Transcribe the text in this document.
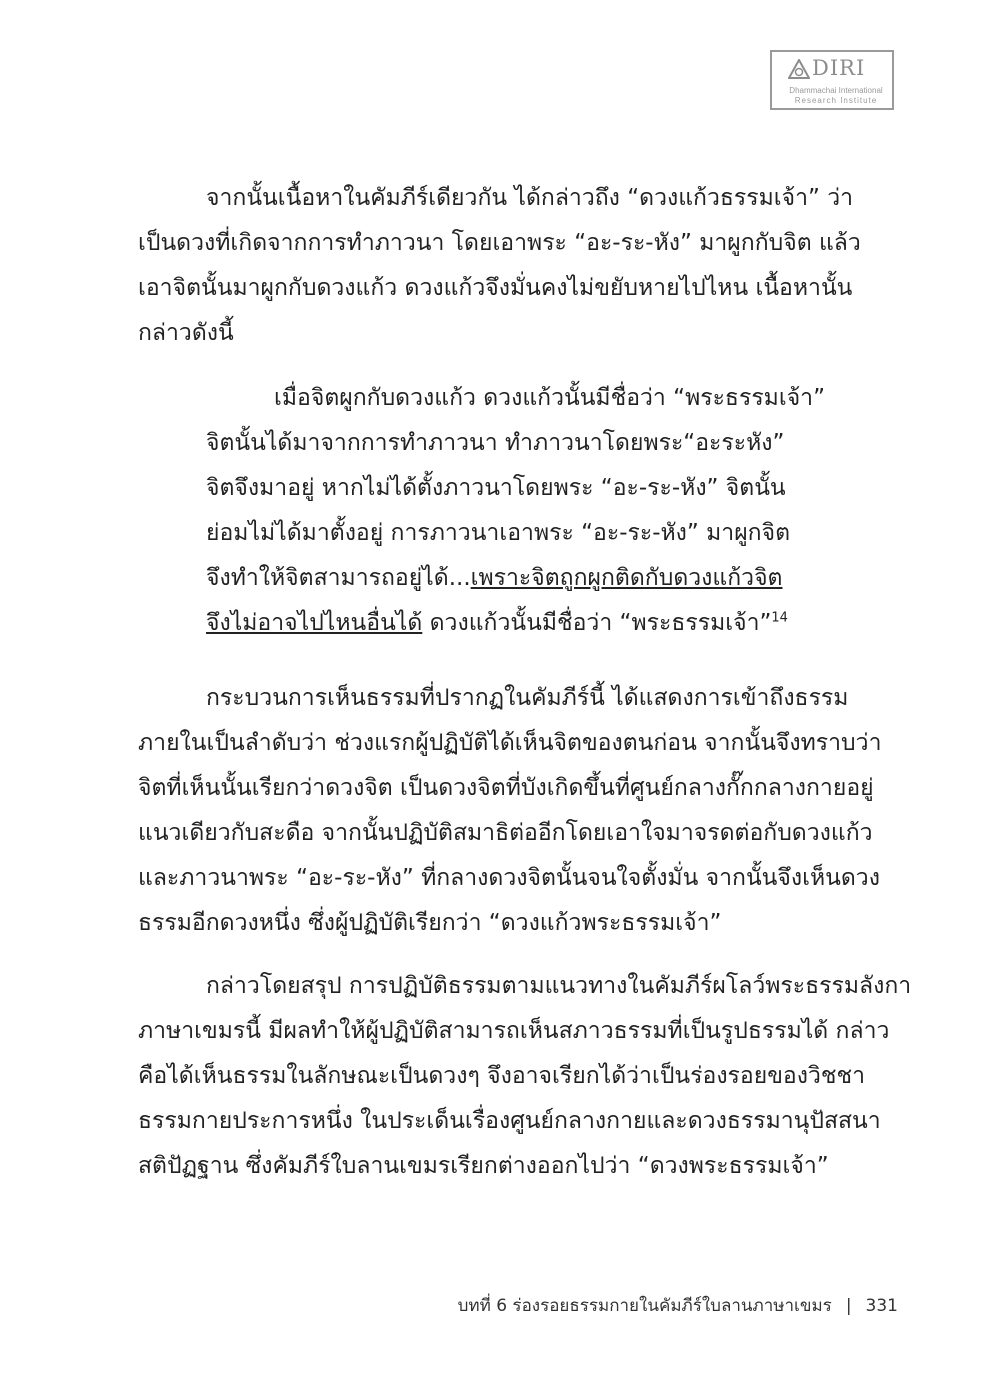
DIRI
Dhammachai International
Research Institute
จากนั้นเนื้อหาในคัมภีร์เดียวกัน ได้กล่าวถึง “ดวงแก้วธรรมเจ้า” ว่า
เป็นดวงที่เกิดจากการทำภาวนา โดยเอาพระ “อะ-ระ-หัง” มาผูกกับจิต แล้ว
เอาจิตนั้นมาผูกกับดวงแก้ว ดวงแก้วจึงมั่นคงไม่ขยับหายไปไหน เนื้อหานั้น
กล่าวดังนี้
เมื่อจิตผูกกับดวงแก้ว ดวงแก้วนั้นมีชื่อว่า “พระธรรมเจ้า”
จิตนั้นได้มาจากการทำภาวนา ทำภาวนาโดยพระ“อะระหัง”
จิตจึงมาอยู่ หากไม่ได้ตั้งภาวนาโดยพระ “อะ-ระ-หัง” จิตนั้น
ย่อมไม่ได้มาตั้งอยู่ การภาวนาเอาพระ “อะ-ระ-หัง” มาผูกจิต
จึงทำให้จิตสามารถอยู่ได้...เพราะจิตถูกผูกติดกับดวงแก้วจิต
จึงไม่อาจไปไหนอื่นได้ ดวงแก้วนั้นมีชื่อว่า “พระธรรมเจ้า”$^{14}$
กระบวนการเห็นธรรมที่ปรากฏในคัมภีร์นี้ ได้แสดงการเข้าถึงธรรม
ภายในเป็นลำดับว่า ช่วงแรกผู้ปฏิบัติได้เห็นจิตของตนก่อน จากนั้นจึงทราบว่า
จิตที่เห็นนั้นเรียกว่าดวงจิต เป็นดวงจิตที่บังเกิดขึ้นที่ศูนย์กลางกั๊กกลางกายอยู่
แนวเดียวกับสะดือ จากนั้นปฏิบัติสมาธิต่ออีกโดยเอาใจมาจรดต่อกับดวงแก้ว
และภาวนาพระ “อะ-ระ-หัง” ที่กลางดวงจิตนั้นจนใจตั้งมั่น จากนั้นจึงเห็นดวง
ธรรมอีกดวงหนึ่ง ซึ่งผู้ปฏิบัติเรียกว่า “ดวงแก้วพระธรรมเจ้า”
กล่าวโดยสรุป การปฏิบัติธรรมตามแนวทางในคัมภีร์ผโลว์พระธรรมลังกา
ภาษาเขมรนี้ มีผลทำให้ผู้ปฏิบัติสามารถเห็นสภาวธรรมที่เป็นรูปธรรมได้ กล่าว
คือได้เห็นธรรมในลักษณะเป็นดวงๆ จึงอาจเรียกได้ว่าเป็นร่องรอยของวิชชา
ธรรมกายประการหนึ่ง ในประเด็นเรื่องศูนย์กลางกายและดวงธรรมานุปัสสนา
สติปัฏฐาน ซึ่งคัมภีร์ใบลานเขมรเรียกต่างออกไปว่า “ดวงพระธรรมเจ้า”
บทที่ 6 ร่องรอยธรรมกายในคัมภีร์ใบลานภาษาเขมร | 331
